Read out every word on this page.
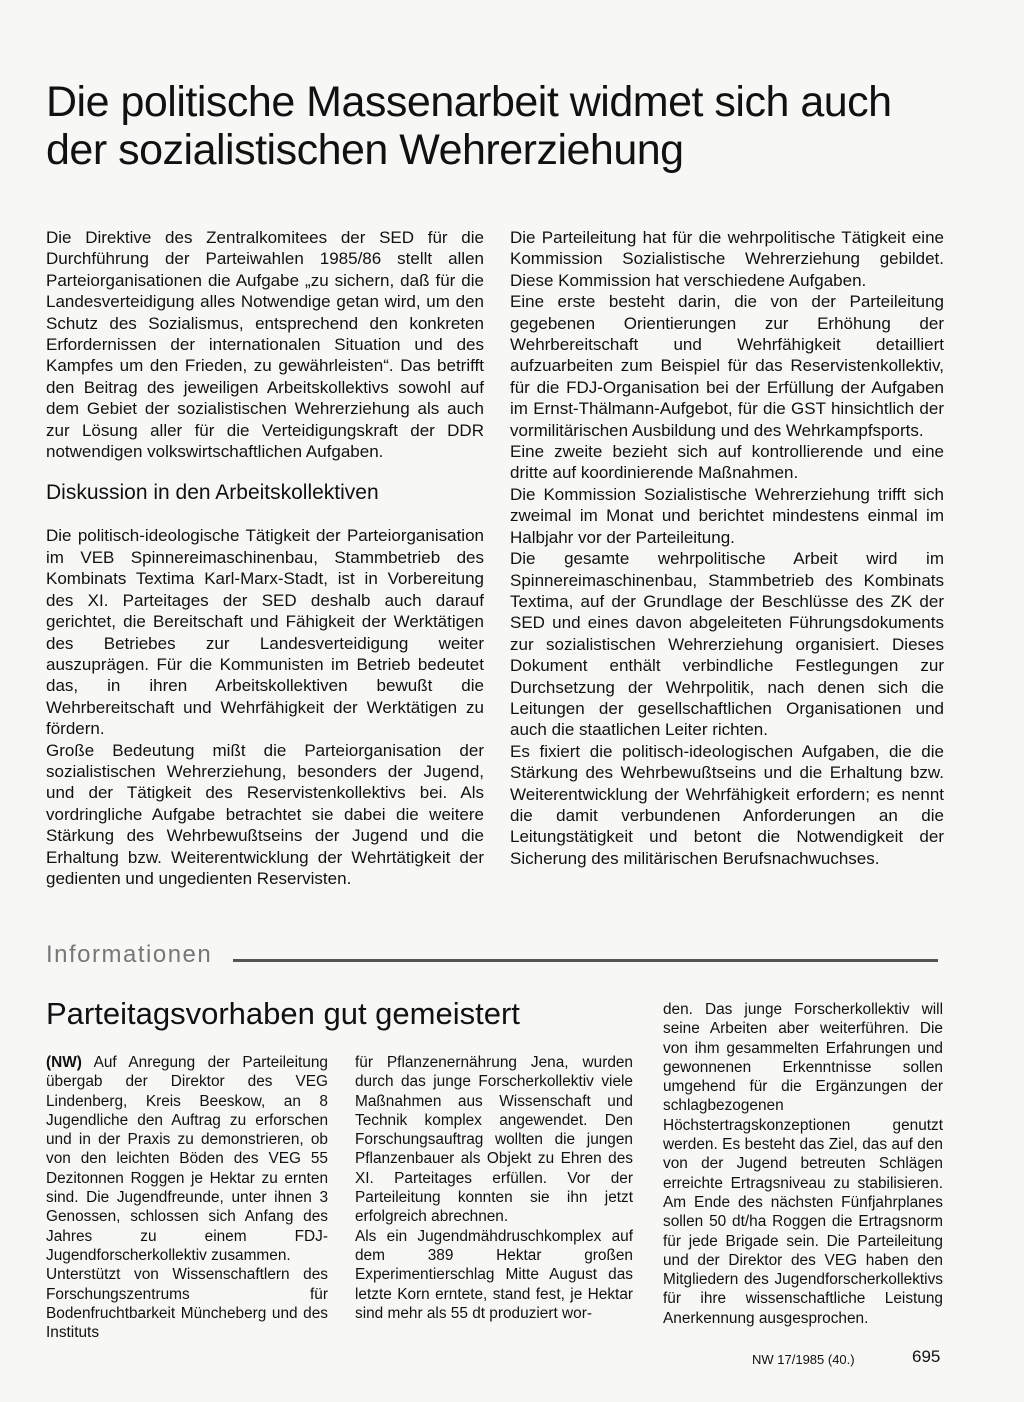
Die politische Massenarbeit widmet sich auch der sozialistischen Wehrerziehung

Die Direktive des Zentralkomitees der SED für die Durchführung der Parteiwahlen 1985/86 stellt allen Parteiorganisationen die Aufgabe „zu sichern, daß für die Landesverteidigung alles Notwendige getan wird, um den Schutz des Sozialismus, entsprechend den konkreten Erfordernissen der internationalen Situation und des Kampfes um den Frieden, zu gewährleisten“. Das betrifft den Beitrag des jeweiligen Arbeitskollektivs sowohl auf dem Gebiet der sozialistischen Wehrerziehung als auch zur Lösung aller für die Verteidigungskraft der DDR notwendigen volkswirtschaftlichen Aufgaben.

Diskussion in den Arbeitskollektiven

Die politisch-ideologische Tätigkeit der Parteiorganisation im VEB Spinnereimaschinenbau, Stammbetrieb des Kombinats Textima Karl-Marx-Stadt, ist in Vorbereitung des XI. Parteitages der SED deshalb auch darauf gerichtet, die Bereitschaft und Fähigkeit der Werktätigen des Betriebes zur Landesverteidigung weiter auszuprägen. Für die Kommunisten im Betrieb bedeutet das, in ihren Arbeitskollektiven bewußt die Wehrbereitschaft und Wehrfähigkeit der Werktätigen zu fördern.

Große Bedeutung mißt die Parteiorganisation der sozialistischen Wehrerziehung, besonders der Jugend, und der Tätigkeit des Reservistenkollektivs bei. Als vordringliche Aufgabe betrachtet sie dabei die weitere Stärkung des Wehrbewußtseins der Jugend und die Erhaltung bzw. Weiterentwicklung der Wehrtätigkeit der gedienten und ungedienten Reservisten.

Die Parteileitung hat für die wehrpolitische Tätigkeit eine Kommission Sozialistische Wehrerziehung gebildet. Diese Kommission hat verschiedene Aufgaben.

Eine erste besteht darin, die von der Parteileitung gegebenen Orientierungen zur Erhöhung der Wehrbereitschaft und Wehrfähigkeit detailliert aufzuarbeiten zum Beispiel für das Reservistenkollektiv, für die FDJ-Organisation bei der Erfüllung der Aufgaben im Ernst-Thälmann-Aufgebot, für die GST hinsichtlich der vormilitärischen Ausbildung und des Wehrkampfsports.

Eine zweite bezieht sich auf kontrollierende und eine dritte auf koordinierende Maßnahmen.

Die Kommission Sozialistische Wehrerziehung trifft sich zweimal im Monat und berichtet mindestens einmal im Halbjahr vor der Parteileitung.

Die gesamte wehrpolitische Arbeit wird im Spinnereimaschinenbau, Stammbetrieb des Kombinats Textima, auf der Grundlage der Beschlüsse des ZK der SED und eines davon abgeleiteten Führungsdokuments zur sozialistischen Wehrerziehung organisiert. Dieses Dokument enthält verbindliche Festlegungen zur Durchsetzung der Wehrpolitik, nach denen sich die Leitungen der gesellschaftlichen Organisationen und auch die staatlichen Leiter richten.

Es fixiert die politisch-ideologischen Aufgaben, die die Stärkung des Wehrbewußtseins und die Erhaltung bzw. Weiterentwicklung der Wehrfähigkeit erfordern; es nennt die damit verbundenen Anforderungen an die Leitungstätigkeit und betont die Notwendigkeit der Sicherung des militärischen Berufsnachwuchses.

Informationen
Parteitagsvorhaben gut gemeistert

(NW) Auf Anregung der Parteileitung übergab der Direktor des VEG Lindenberg, Kreis Beeskow, an 8 Jugendliche den Auftrag zu erforschen und in der Praxis zu demonstrieren, ob von den leichten Böden des VEG 55 Dezitonnen Roggen je Hektar zu ernten sind. Die Jugendfreunde, unter ihnen 3 Genossen, schlossen sich Anfang des Jahres zu einem FDJ-Jugendforscherkollektiv zusammen.

Unterstützt von Wissenschaftlern des Forschungszentrums für Bodenfruchtbarkeit Müncheberg und des Instituts

für Pflanzenernährung Jena, wurden durch das junge Forscherkollektiv viele Maßnahmen aus Wissenschaft und Technik komplex angewendet. Den Forschungsauftrag wollten die jungen Pflanzenbauer als Objekt zu Ehren des XI. Parteitages erfüllen. Vor der Parteileitung konnten sie ihn jetzt erfolgreich abrechnen.

Als ein Jugendmähdruschkomplex auf dem 389 Hektar großen Experimentierschlag Mitte August das letzte Korn erntete, stand fest, je Hektar sind mehr als 55 dt produziert wor-

den. Das junge Forscherkollektiv will seine Arbeiten aber weiterführen. Die von ihm gesammelten Erfahrungen und gewonnenen Erkenntnisse sollen umgehend für die Ergänzungen der schlagbezogenen Höchstertragskonzeptionen genutzt werden. Es besteht das Ziel, das auf den von der Jugend betreuten Schlägen erreichte Ertragsniveau zu stabilisieren. Am Ende des nächsten Fünfjahrplanes sollen 50 dt/ha Roggen die Ertragsnorm für jede Brigade sein. Die Parteileitung und der Direktor des VEG haben den Mitgliedern des Jugendforscherkollektivs für ihre wissenschaftliche Leistung Anerkennung ausgesprochen.

NW 17/1985 (40.)	695
